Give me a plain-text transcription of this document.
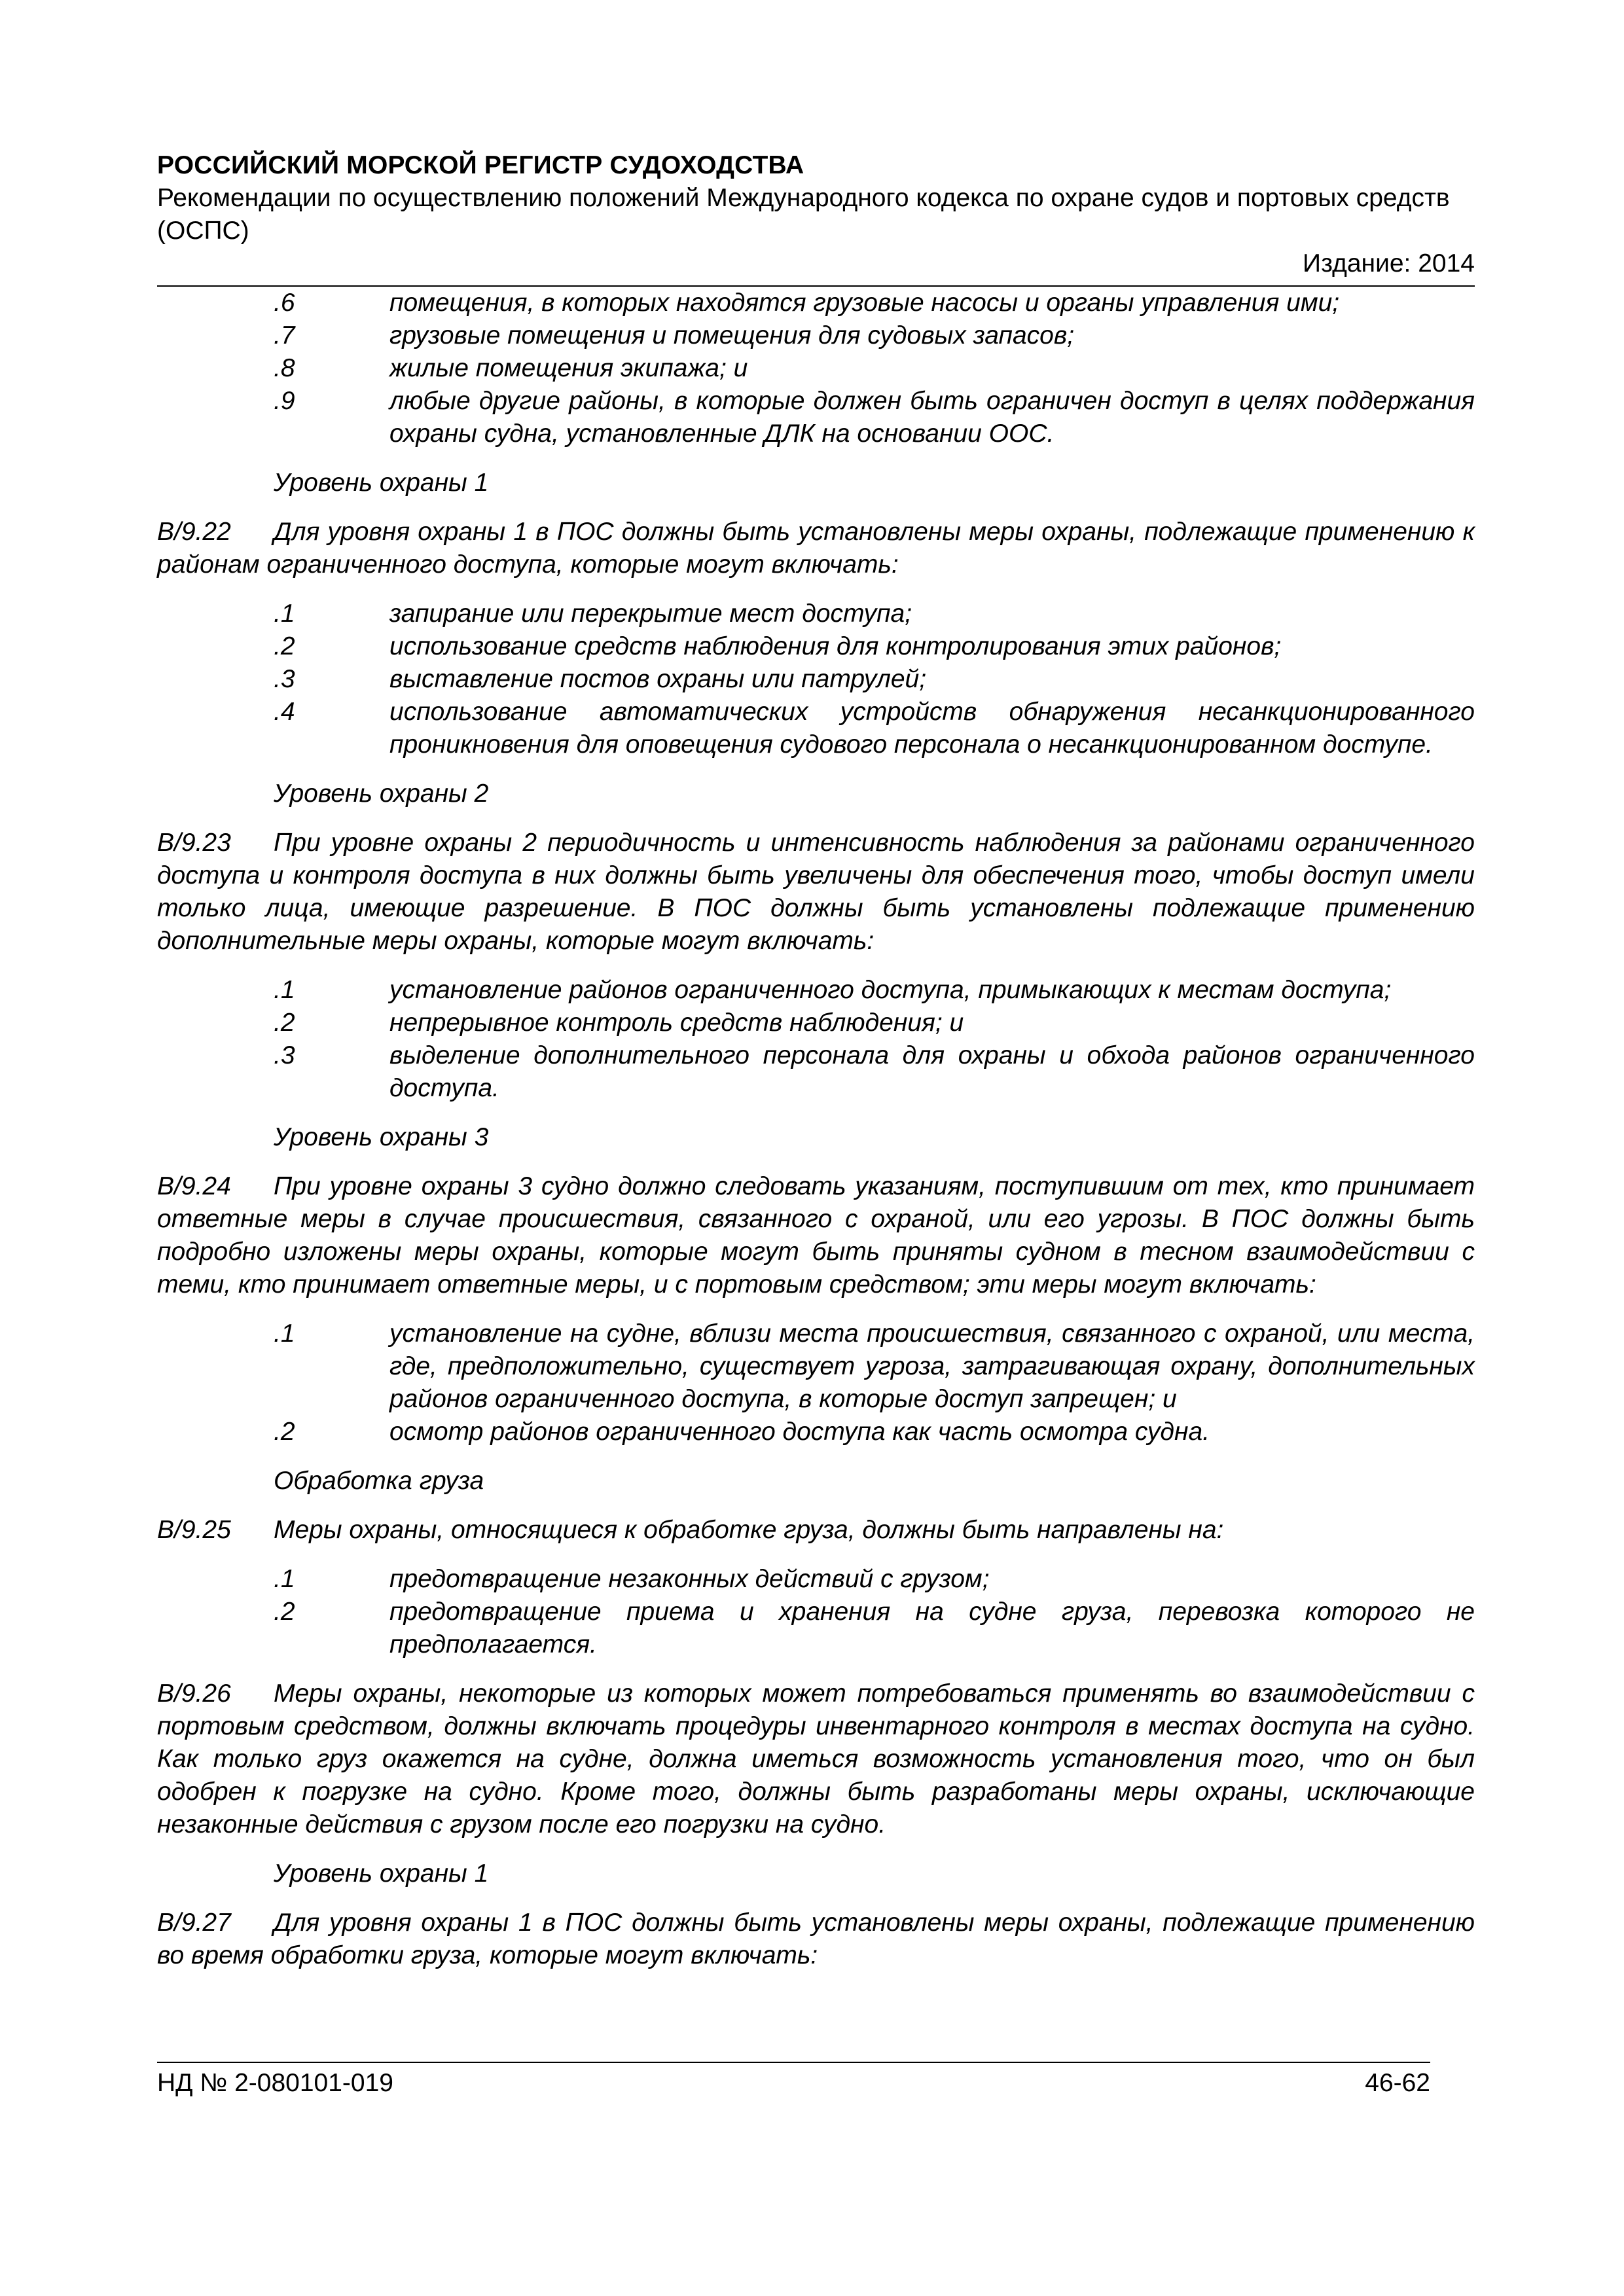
РОССИЙСКИЙ МОРСКОЙ РЕГИСТР СУДОХОДСТВА
Рекомендации по осуществлению положений Международного кодекса по охране судов и портовых средств (ОСПС)
Издание: 2014
.6	помещения, в которых находятся грузовые насосы и органы управления ими;
.7	грузовые помещения и помещения для судовых запасов;
.8	жилые помещения экипажа; и
.9	любые другие районы, в которые должен быть ограничен доступ в целях поддержания охраны судна, установленные ДЛК на основании ООС.
Уровень охраны 1
B/9.22 Для уровня охраны 1 в ПОС должны быть установлены меры охраны, подлежащие применению к районам ограниченного доступа, которые могут включать:
.1	запирание или перекрытие мест доступа;
.2	использование средств наблюдения для контролирования этих районов;
.3	выставление постов охраны или патрулей;
.4	использование автоматических устройств обнаружения несанкционированного проникновения для оповещения судового персонала о несанкционированном доступе.
Уровень охраны 2
B/9.23 При уровне охраны 2 периодичность и интенсивность наблюдения за районами ограниченного доступа и контроля доступа в них должны быть увеличены для обеспечения того, чтобы доступ имели только лица, имеющие разрешение. В ПОС должны быть установлены подлежащие применению дополнительные меры охраны, которые могут включать:
.1	установление районов ограниченного доступа, примыкающих к местам доступа;
.2	непрерывное контроль средств наблюдения; и
.3	выделение дополнительного персонала для охраны и обхода районов ограниченного доступа.
Уровень охраны 3
B/9.24 При уровне охраны 3 судно должно следовать указаниям, поступившим от тех, кто принимает ответные меры в случае происшествия, связанного с охраной, или его угрозы. В ПОС должны быть подробно изложены меры охраны, которые могут быть приняты судном в тесном взаимодействии с теми, кто принимает ответные меры, и с портовым средством; эти меры могут включать:
.1	установление на судне, вблизи места происшествия, связанного с охраной, или места, где, предположительно, существует угроза, затрагивающая охрану, дополнительных районов ограниченного доступа, в которые доступ запрещен; и
.2	осмотр районов ограниченного доступа как часть осмотра судна.
Обработка груза
B/9.25 Меры охраны, относящиеся к обработке груза, должны быть направлены на:
.1	предотвращение незаконных действий с грузом;
.2	предотвращение приема и хранения на судне груза, перевозка которого не предполагается.
B/9.26 Меры охраны, некоторые из которых может потребоваться применять во взаимодействии с портовым средством, должны включать процедуры инвентарного контроля в местах доступа на судно. Как только груз окажется на судне, должна иметься возможность установления того, что он был одобрен к погрузке на судно. Кроме того, должны быть разработаны меры охраны, исключающие незаконные действия с грузом после его погрузки на судно.
Уровень охраны 1
B/9.27 Для уровня охраны 1 в ПОС должны быть установлены меры охраны, подлежащие применению во время обработки груза, которые могут включать:
НД № 2-080101-019	46-62
